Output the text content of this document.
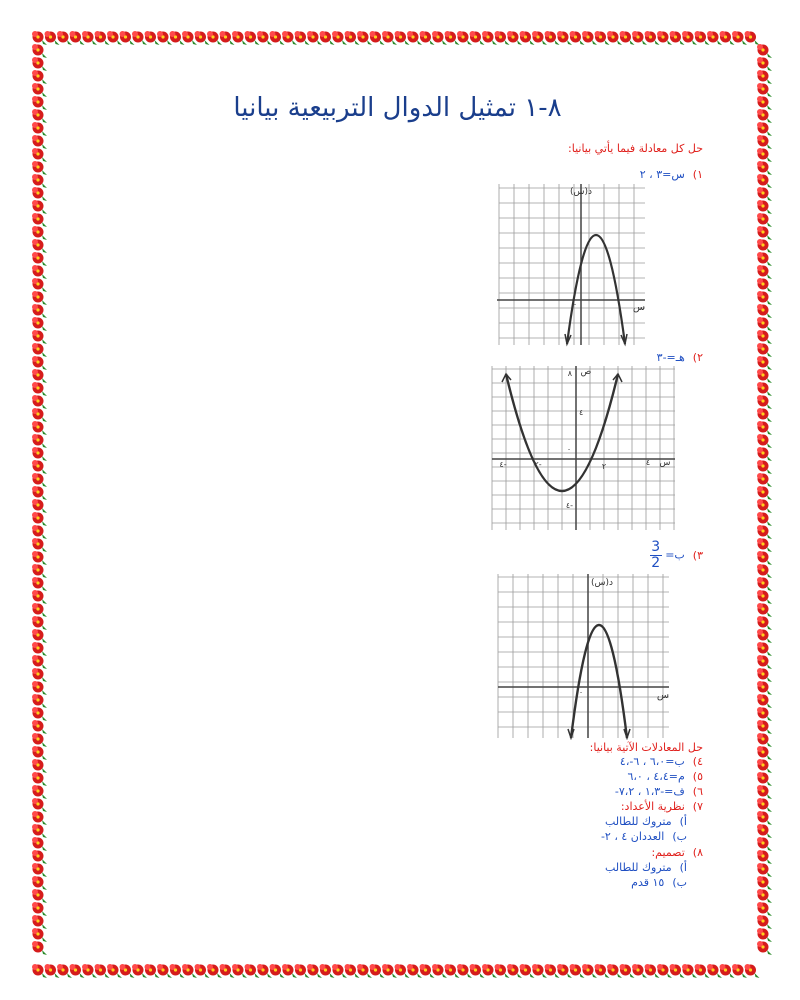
٨-١ تمثيل الدوال التربيعية بيانيا
حل كل معادلة فيما يأتي بيانيا:
١)س=٣ ، ٢
د(س)
س
٠
٢)هـ=-٣
ص
س
٨
٤
٤-
٤-	٢-	٢	٤
٠
٣)ب=
$\frac{3}{2}$
د(س)
س
٠
حل المعادلات الآتية بيانيا:
٤)ب=٦،٠ ، ٦-،٤
٥)م=٤،٤ ، ٦،٠
٦)ف=-١،٣ ، ٧،٢-
٧)نظرية الأعداد:
أ)متروك للطالب
ب)العددان ٤ ، ٢-
٨)تصميم:
أ)متروك للطالب
ب)١٥ قدم
